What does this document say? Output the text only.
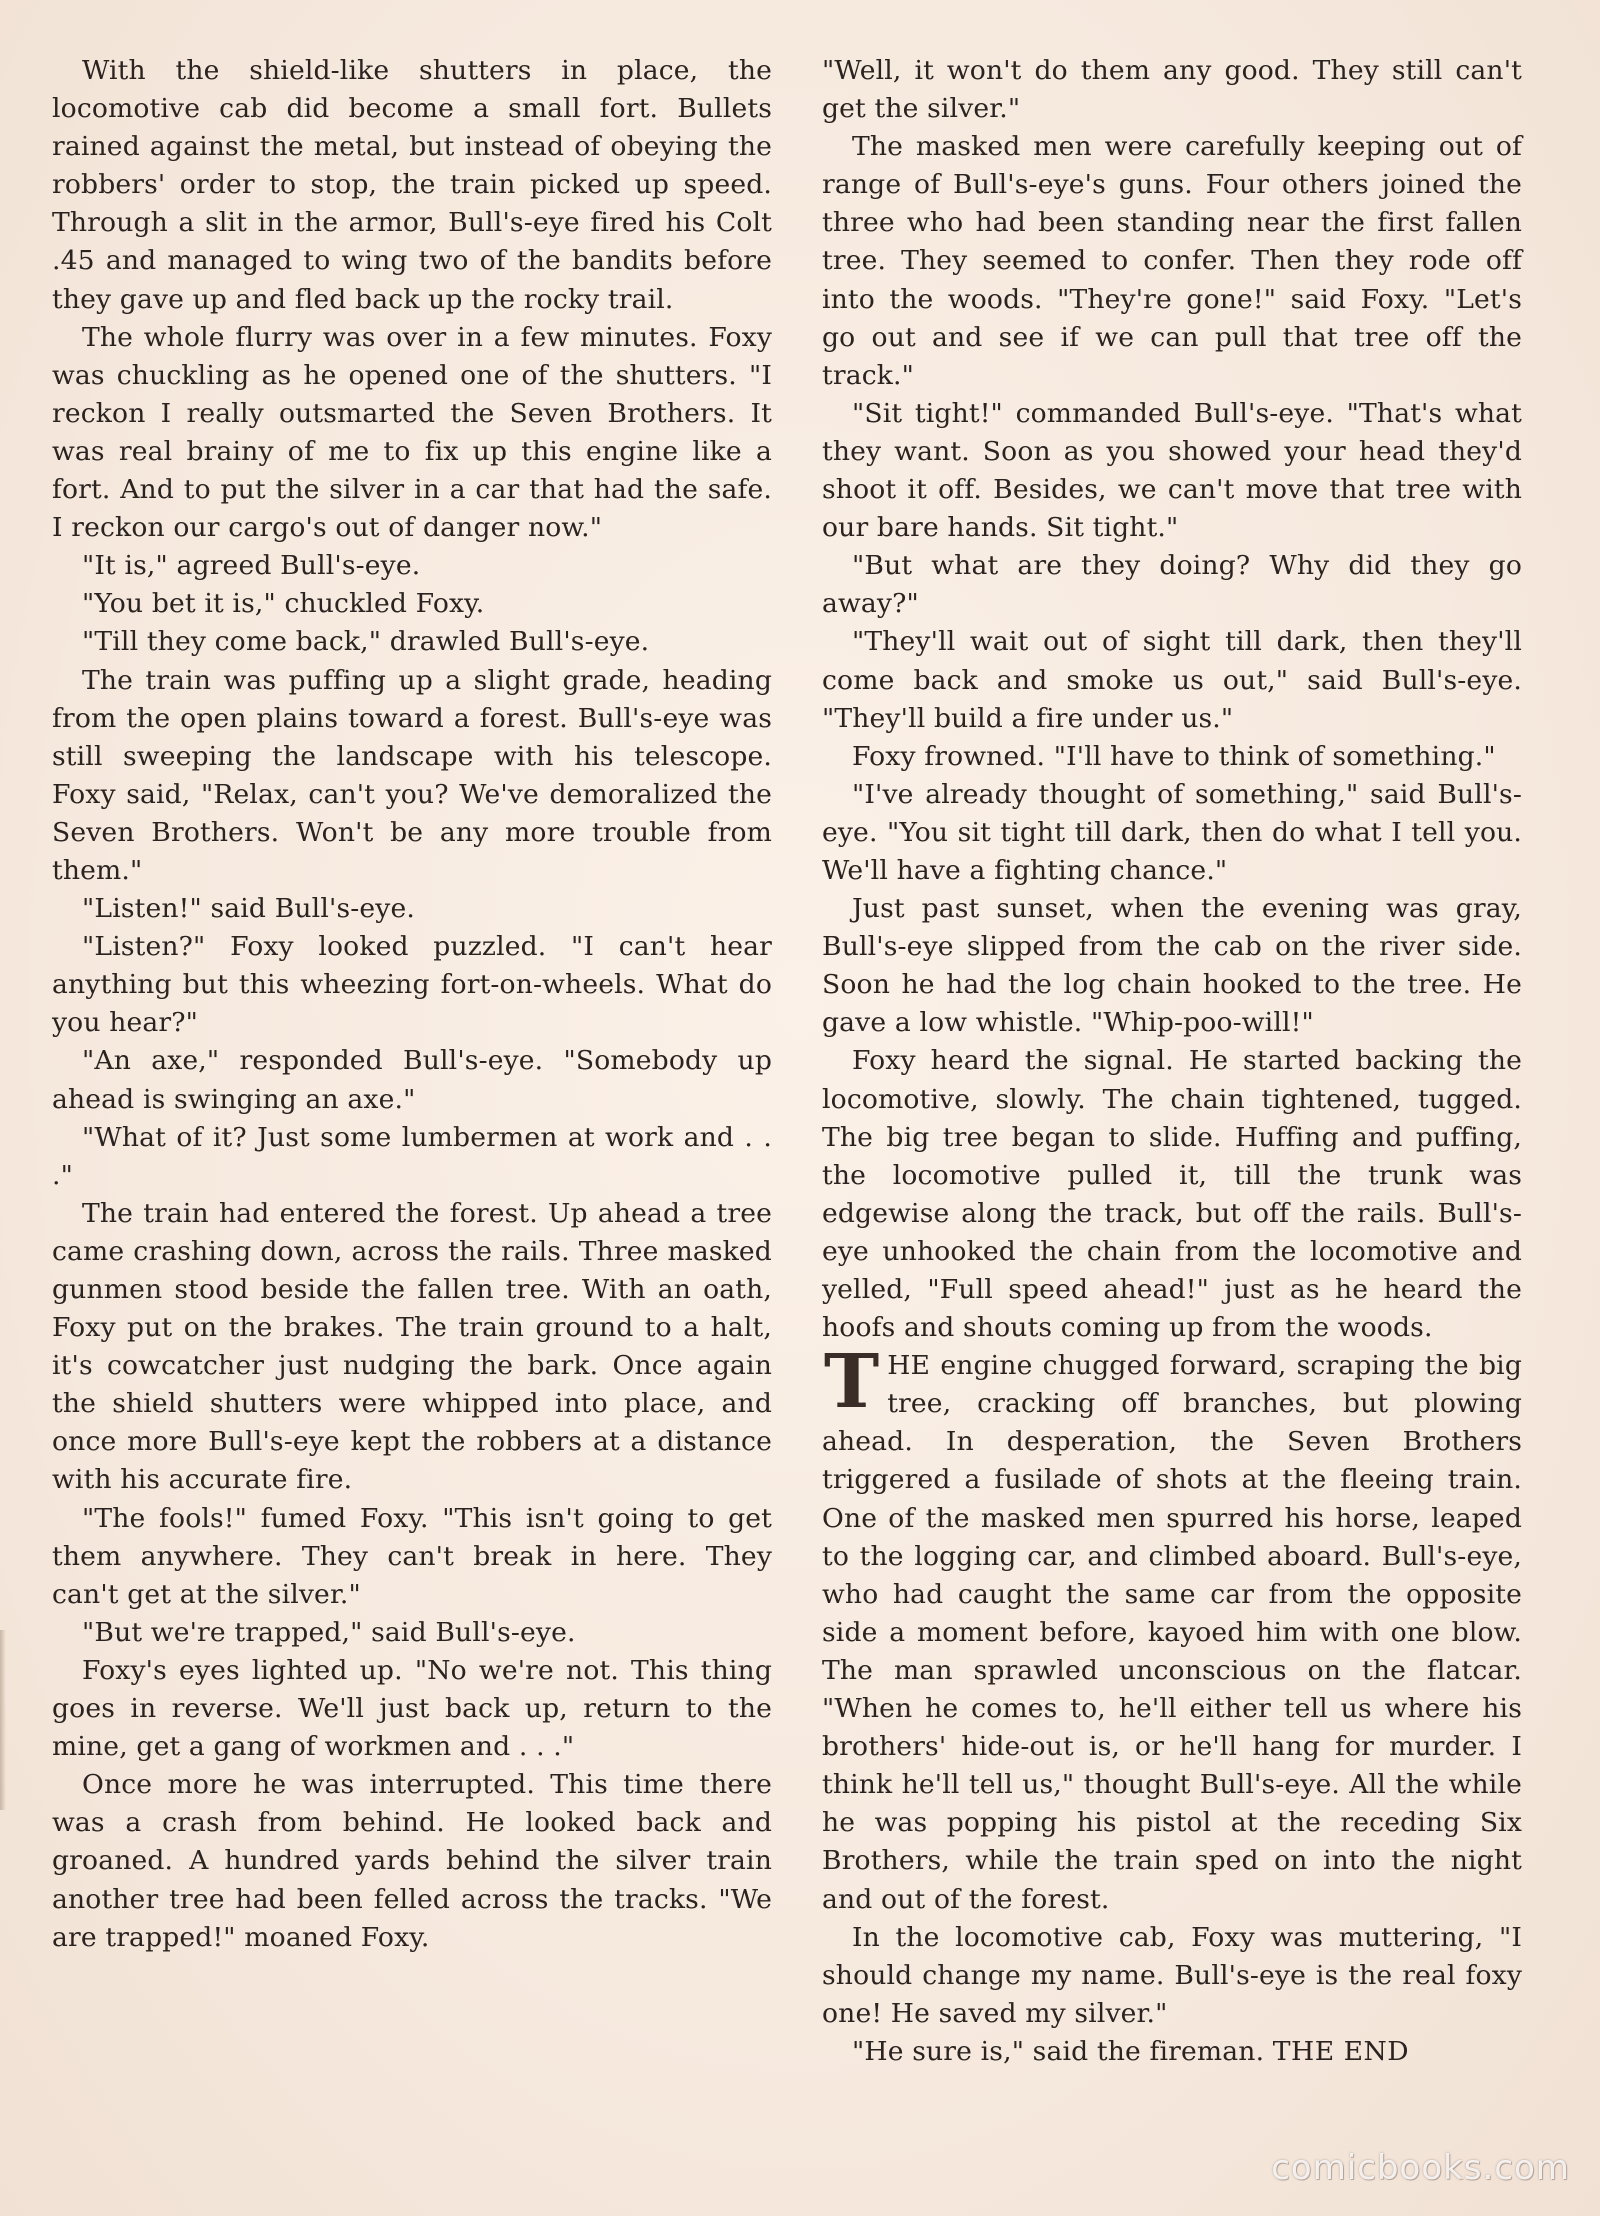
With the shield-like shutters in place, the locomotive cab did become a small fort. Bullets rained against the metal, but instead of obeying the robbers' order to stop, the train picked up speed. Through a slit in the armor, Bull's-eye fired his Colt .45 and managed to wing two of the bandits before they gave up and fled back up the rocky trail.

The whole flurry was over in a few minutes. Foxy was chuckling as he opened one of the shutters. "I reckon I really outsmarted the Seven Brothers. It was real brainy of me to fix up this engine like a fort. And to put the silver in a car that had the safe. I reckon our cargo's out of danger now."

"It is," agreed Bull's-eye.

"You bet it is," chuckled Foxy.

"Till they come back," drawled Bull's-eye.

The train was puffing up a slight grade, heading from the open plains toward a forest. Bull's-eye was still sweeping the landscape with his telescope. Foxy said, "Relax, can't you? We've demoralized the Seven Brothers. Won't be any more trouble from them."

"Listen!" said Bull's-eye.

"Listen?" Foxy looked puzzled. "I can't hear anything but this wheezing fort-on-wheels. What do you hear?"

"An axe," responded Bull's-eye. "Somebody up ahead is swinging an axe."

"What of it? Just some lumbermen at work and . . ."

The train had entered the forest. Up ahead a tree came crashing down, across the rails. Three masked gunmen stood beside the fallen tree. With an oath, Foxy put on the brakes. The train ground to a halt, it's cowcatcher just nudging the bark. Once again the shield shutters were whipped into place, and once more Bull's-eye kept the robbers at a distance with his accurate fire.

"The fools!" fumed Foxy. "This isn't going to get them anywhere. They can't break in here. They can't get at the silver."

"But we're trapped," said Bull's-eye.

Foxy's eyes lighted up. "No we're not. This thing goes in reverse. We'll just back up, return to the mine, get a gang of workmen and . . ."

Once more he was interrupted. This time there was a crash from behind. He looked back and groaned. A hundred yards behind the silver train another tree had been felled across the tracks. "We are trapped!" moaned Foxy.

"Well, it won't do them any good. They still can't get the silver."

The masked men were carefully keeping out of range of Bull's-eye's guns. Four others joined the three who had been standing near the first fallen tree. They seemed to confer. Then they rode off into the woods. "They're gone!" said Foxy. "Let's go out and see if we can pull that tree off the track."

"Sit tight!" commanded Bull's-eye. "That's what they want. Soon as you showed your head they'd shoot it off. Besides, we can't move that tree with our bare hands. Sit tight."

"But what are they doing? Why did they go away?"

"They'll wait out of sight till dark, then they'll come back and smoke us out," said Bull's-eye. "They'll build a fire under us."

Foxy frowned. "I'll have to think of something."

"I've already thought of something," said Bull's-eye. "You sit tight till dark, then do what I tell you. We'll have a fighting chance."

Just past sunset, when the evening was gray, Bull's-eye slipped from the cab on the river side. Soon he had the log chain hooked to the tree. He gave a low whistle. "Whip-poo-will!"

Foxy heard the signal. He started backing the locomotive, slowly. The chain tightened, tugged. The big tree began to slide. Huffing and puffing, the locomotive pulled it, till the trunk was edgewise along the track, but off the rails. Bull's-eye unhooked the chain from the locomotive and yelled, "Full speed ahead!" just as he heard the hoofs and shouts coming up from the woods.

T HE engine chugged forward, scraping the big tree, cracking off branches, but plowing ahead. In desperation, the Seven Brothers triggered a fusilade of shots at the fleeing train. One of the masked men spurred his horse, leaped to the logging car, and climbed aboard. Bull's-eye, who had caught the same car from the opposite side a moment before, kayoed him with one blow. The man sprawled unconscious on the flatcar. "When he comes to, he'll either tell us where his brothers' hide-out is, or he'll hang for murder. I think he'll tell us," thought Bull's-eye. All the while he was popping his pistol at the receding Six Brothers, while the train sped on into the night and out of the forest.

In the locomotive cab, Foxy was muttering, "I should change my name. Bull's-eye is the real foxy one! He saved my silver."

"He sure is," said the fireman. THE END

comicbooks.com
